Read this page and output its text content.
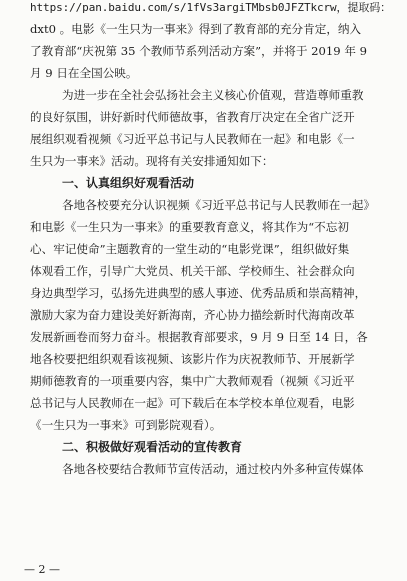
https://pan.baidu.com/s/1fVs3argiTMbsb0JFZTkcrw，提取码：
dxt0 。电影《一生只为一事来》得到了教育部的充分肯定，纳入
了教育部“庆祝第 35 个教师节系列活动方案”，并将于 2019 年 9
月 9 日在全国公映。
为进一步在全社会弘扬社会主义核心价值观，营造尊师重教
的良好氛围，讲好新时代师德故事，省教育厅决定在全省广泛开
展组织观看视频《习近平总书记与人民教师在一起》和电影《一
生只为一事来》活动。现将有关安排通知如下：
一、认真组织好观看活动
各地各校要充分认识视频《习近平总书记与人民教师在一起》
和电影《一生只为一事来》的重要教育意义，将其作为“不忘初
心、牢记使命”主题教育的一堂生动的“电影党课”，组织做好集
体观看工作，引导广大党员、机关干部、学校师生、社会群众向
身边典型学习，弘扬先进典型的感人事迹、优秀品质和崇高精神，
激励大家为奋力建设美好新海南，齐心协力描绘新时代海南改革
发展新画卷而努力奋斗。根据教育部要求，9 月 9 日至 14 日，各
地各校要把组织观看该视频、该影片作为庆祝教师节、开展新学
期师德教育的一项重要内容，集中广大教师观看（视频《习近平
总书记与人民教师在一起》可下载后在本学校本单位观看，电影
《一生只为一事来》可到影院观看）。
二、积极做好观看活动的宣传教育
各地各校要结合教师节宣传活动，通过校内外多种宣传媒体
— 2 —
